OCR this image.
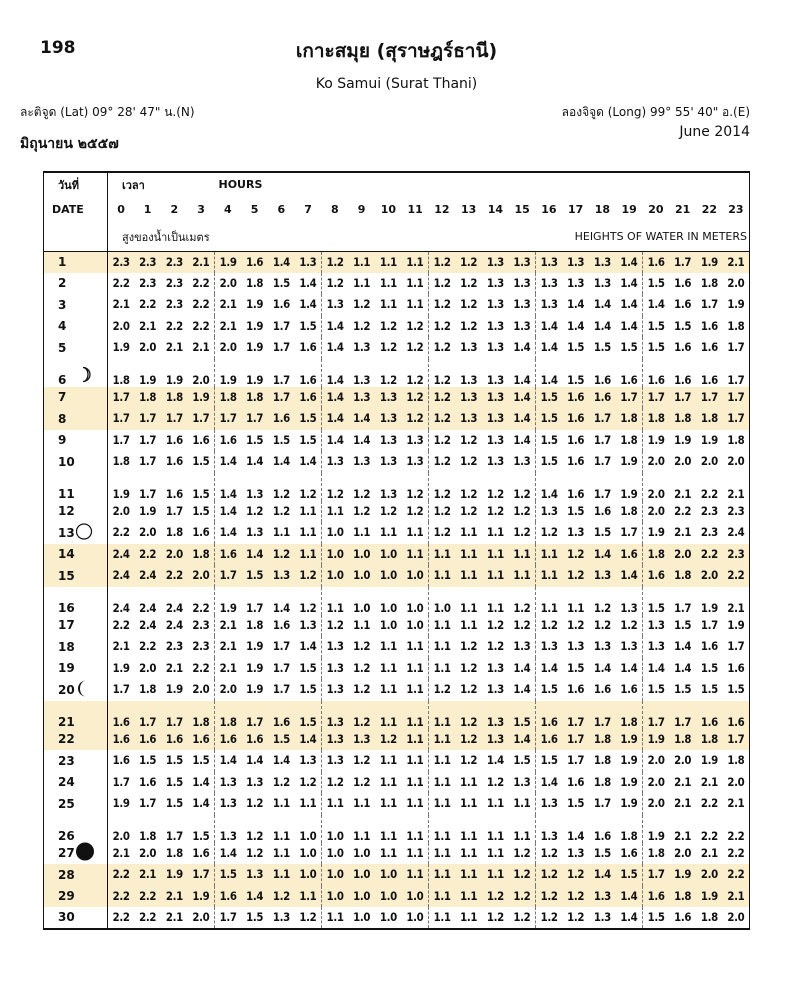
198	เกาะสมุย (สุราษฎร์ธานี)
Ko Samui (Surat Thani)
ละติจูด (Lat) 09° 28' 47" น.(N)	ลองจิจูด (Long) 99° 55' 40" อ.(E)
มิถุนายน ๒๕๕๗
June 2014
วันที่	เวลา				HOURS																			
DATE	0	1	2	3	4	5	6	7	8	9	10	11	12	13	14	15	16	17	18	19	20	21	22	23
	สูงของน้ำเป็นเมตร												HEIGHTS OF WATER IN METERS											
1	2.3	2.3	2.3	2.1	1.9	1.6	1.4	1.3	1.2	1.1	1.1	1.1	1.2	1.2	1.3	1.3	1.3	1.3	1.3	1.4	1.6	1.7	1.9	2.1
2	2.2	2.3	2.3	2.2	2.0	1.8	1.5	1.4	1.2	1.1	1.1	1.1	1.2	1.2	1.3	1.3	1.3	1.3	1.3	1.4	1.5	1.6	1.8	2.0
3	2.1	2.2	2.3	2.2	2.1	1.9	1.6	1.4	1.3	1.2	1.1	1.1	1.2	1.2	1.3	1.3	1.3	1.4	1.4	1.4	1.4	1.6	1.7	1.9
4	2.0	2.1	2.2	2.2	2.1	1.9	1.7	1.5	1.4	1.2	1.2	1.2	1.2	1.2	1.3	1.3	1.4	1.4	1.4	1.4	1.5	1.5	1.6	1.8
5	1.9	2.0	2.1	2.1	2.0	1.9	1.7	1.6	1.4	1.3	1.2	1.2	1.2	1.3	1.3	1.4	1.4	1.5	1.5	1.5	1.5	1.6	1.6	1.7
6	1.8	1.9	1.9	2.0	1.9	1.9	1.7	1.6	1.4	1.3	1.2	1.2	1.2	1.3	1.3	1.4	1.4	1.5	1.6	1.6	1.6	1.6	1.6	1.7
7	1.7	1.8	1.8	1.9	1.8	1.8	1.7	1.6	1.4	1.3	1.3	1.2	1.2	1.3	1.3	1.4	1.5	1.6	1.6	1.7	1.7	1.7	1.7	1.7
8	1.7	1.7	1.7	1.7	1.7	1.7	1.6	1.5	1.4	1.4	1.3	1.2	1.2	1.3	1.3	1.4	1.5	1.6	1.7	1.8	1.8	1.8	1.8	1.7
9	1.7	1.7	1.6	1.6	1.6	1.5	1.5	1.5	1.4	1.4	1.3	1.3	1.2	1.2	1.3	1.4	1.5	1.6	1.7	1.8	1.9	1.9	1.9	1.8
10	1.8	1.7	1.6	1.5	1.4	1.4	1.4	1.4	1.3	1.3	1.3	1.3	1.2	1.2	1.3	1.3	1.5	1.6	1.7	1.9	2.0	2.0	2.0	2.0
11	1.9	1.7	1.6	1.5	1.4	1.3	1.2	1.2	1.2	1.2	1.3	1.2	1.2	1.2	1.2	1.2	1.4	1.6	1.7	1.9	2.0	2.1	2.2	2.1
12	2.0	1.9	1.7	1.5	1.4	1.2	1.2	1.1	1.1	1.2	1.2	1.2	1.2	1.2	1.2	1.2	1.3	1.5	1.6	1.8	2.0	2.2	2.3	2.3
13	2.2	2.0	1.8	1.6	1.4	1.3	1.1	1.1	1.0	1.1	1.1	1.1	1.2	1.1	1.1	1.2	1.2	1.3	1.5	1.7	1.9	2.1	2.3	2.4
14	2.4	2.2	2.0	1.8	1.6	1.4	1.2	1.1	1.0	1.0	1.0	1.1	1.1	1.1	1.1	1.1	1.1	1.2	1.4	1.6	1.8	2.0	2.2	2.3
15	2.4	2.4	2.2	2.0	1.7	1.5	1.3	1.2	1.0	1.0	1.0	1.0	1.1	1.1	1.1	1.1	1.1	1.2	1.3	1.4	1.6	1.8	2.0	2.2
16	2.4	2.4	2.4	2.2	1.9	1.7	1.4	1.2	1.1	1.0	1.0	1.0	1.0	1.1	1.1	1.2	1.1	1.1	1.2	1.3	1.5	1.7	1.9	2.1
17	2.2	2.4	2.4	2.3	2.1	1.8	1.6	1.3	1.2	1.1	1.0	1.0	1.1	1.1	1.2	1.2	1.2	1.2	1.2	1.2	1.3	1.5	1.7	1.9
18	2.1	2.2	2.3	2.3	2.1	1.9	1.7	1.4	1.3	1.2	1.1	1.1	1.1	1.2	1.2	1.3	1.3	1.3	1.3	1.3	1.3	1.4	1.6	1.7
19	1.9	2.0	2.1	2.2	2.1	1.9	1.7	1.5	1.3	1.2	1.1	1.1	1.1	1.2	1.3	1.4	1.4	1.5	1.4	1.4	1.4	1.4	1.5	1.6
20	1.7	1.8	1.9	2.0	2.0	1.9	1.7	1.5	1.3	1.2	1.1	1.1	1.2	1.2	1.3	1.4	1.5	1.6	1.6	1.6	1.5	1.5	1.5	1.5
21	1.6	1.7	1.7	1.8	1.8	1.7	1.6	1.5	1.3	1.2	1.1	1.1	1.1	1.2	1.3	1.5	1.6	1.7	1.7	1.8	1.7	1.7	1.6	1.6
22	1.6	1.6	1.6	1.6	1.6	1.6	1.5	1.4	1.3	1.3	1.2	1.1	1.1	1.2	1.3	1.4	1.6	1.7	1.8	1.9	1.9	1.8	1.8	1.7
23	1.6	1.5	1.5	1.5	1.4	1.4	1.4	1.3	1.3	1.2	1.1	1.1	1.1	1.2	1.4	1.5	1.5	1.7	1.8	1.9	2.0	2.0	1.9	1.8
24	1.7	1.6	1.5	1.4	1.3	1.3	1.2	1.2	1.2	1.2	1.1	1.1	1.1	1.1	1.2	1.3	1.4	1.6	1.8	1.9	2.0	2.1	2.1	2.0
25	1.9	1.7	1.5	1.4	1.3	1.2	1.1	1.1	1.1	1.1	1.1	1.1	1.1	1.1	1.1	1.1	1.3	1.5	1.7	1.9	2.0	2.1	2.2	2.1
26	2.0	1.8	1.7	1.5	1.3	1.2	1.1	1.0	1.0	1.1	1.1	1.1	1.1	1.1	1.1	1.1	1.3	1.4	1.6	1.8	1.9	2.1	2.2	2.2
27	2.1	2.0	1.8	1.6	1.4	1.2	1.1	1.0	1.0	1.0	1.1	1.1	1.1	1.1	1.1	1.2	1.2	1.3	1.5	1.6	1.8	2.0	2.1	2.2
28	2.2	2.1	1.9	1.7	1.5	1.3	1.1	1.0	1.0	1.0	1.0	1.1	1.1	1.1	1.1	1.2	1.2	1.2	1.4	1.5	1.7	1.9	2.0	2.2
29	2.2	2.2	2.1	1.9	1.6	1.4	1.2	1.1	1.0	1.0	1.0	1.0	1.1	1.1	1.2	1.2	1.2	1.2	1.3	1.4	1.6	1.8	1.9	2.1
30	2.2	2.2	2.1	2.0	1.7	1.5	1.3	1.2	1.1	1.0	1.0	1.0	1.1	1.1	1.2	1.2	1.2	1.2	1.3	1.4	1.5	1.6	1.8	2.0
